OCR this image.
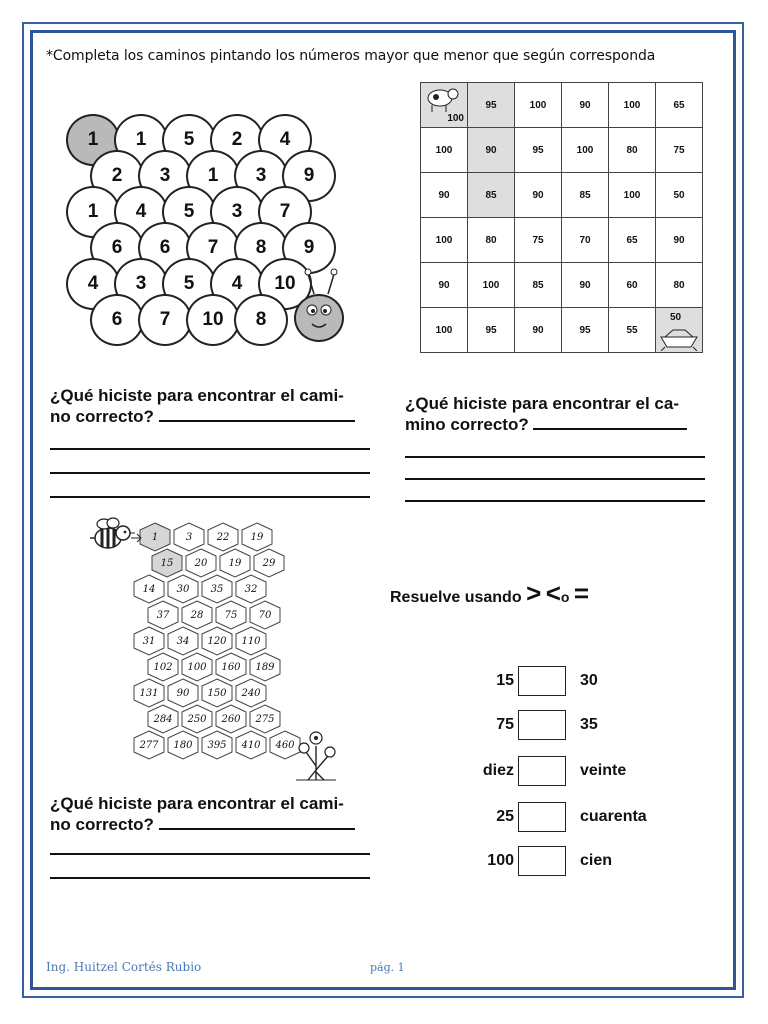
*Completa los caminos pintando los números mayor que menor que según corresponda
1	1	5	2	4
2	3	1	3	9
1	4	5	3	7
6	6	7	8	9
4	3	5	4	10
6	7	10	8
100	95	100	90	100	65
100	90	95	100	80	75
90	85	90	85	100	50
100	80	75	70	65	90
90	100	85	90	60	80
100	95	90	95	55	50
¿Qué hiciste para encontrar el cami-
no correcto?
¿Qué hiciste para encontrar el ca-
mino correcto?
1	3 22 19
15 20 19 29
14 30 35 32
37 28 75 70
31 34 120 110
102 100 160 189
131 90 150 240
284 250 260 275
277 180 395 410 460
¿Qué hiciste para encontrar el cami-
no correcto?
Resuelve usando > <o =
15	30
75	35
diez	veinte
25	cuarenta
100	cien
Ing. Huitzel Cortés Rubio	pág. 1
